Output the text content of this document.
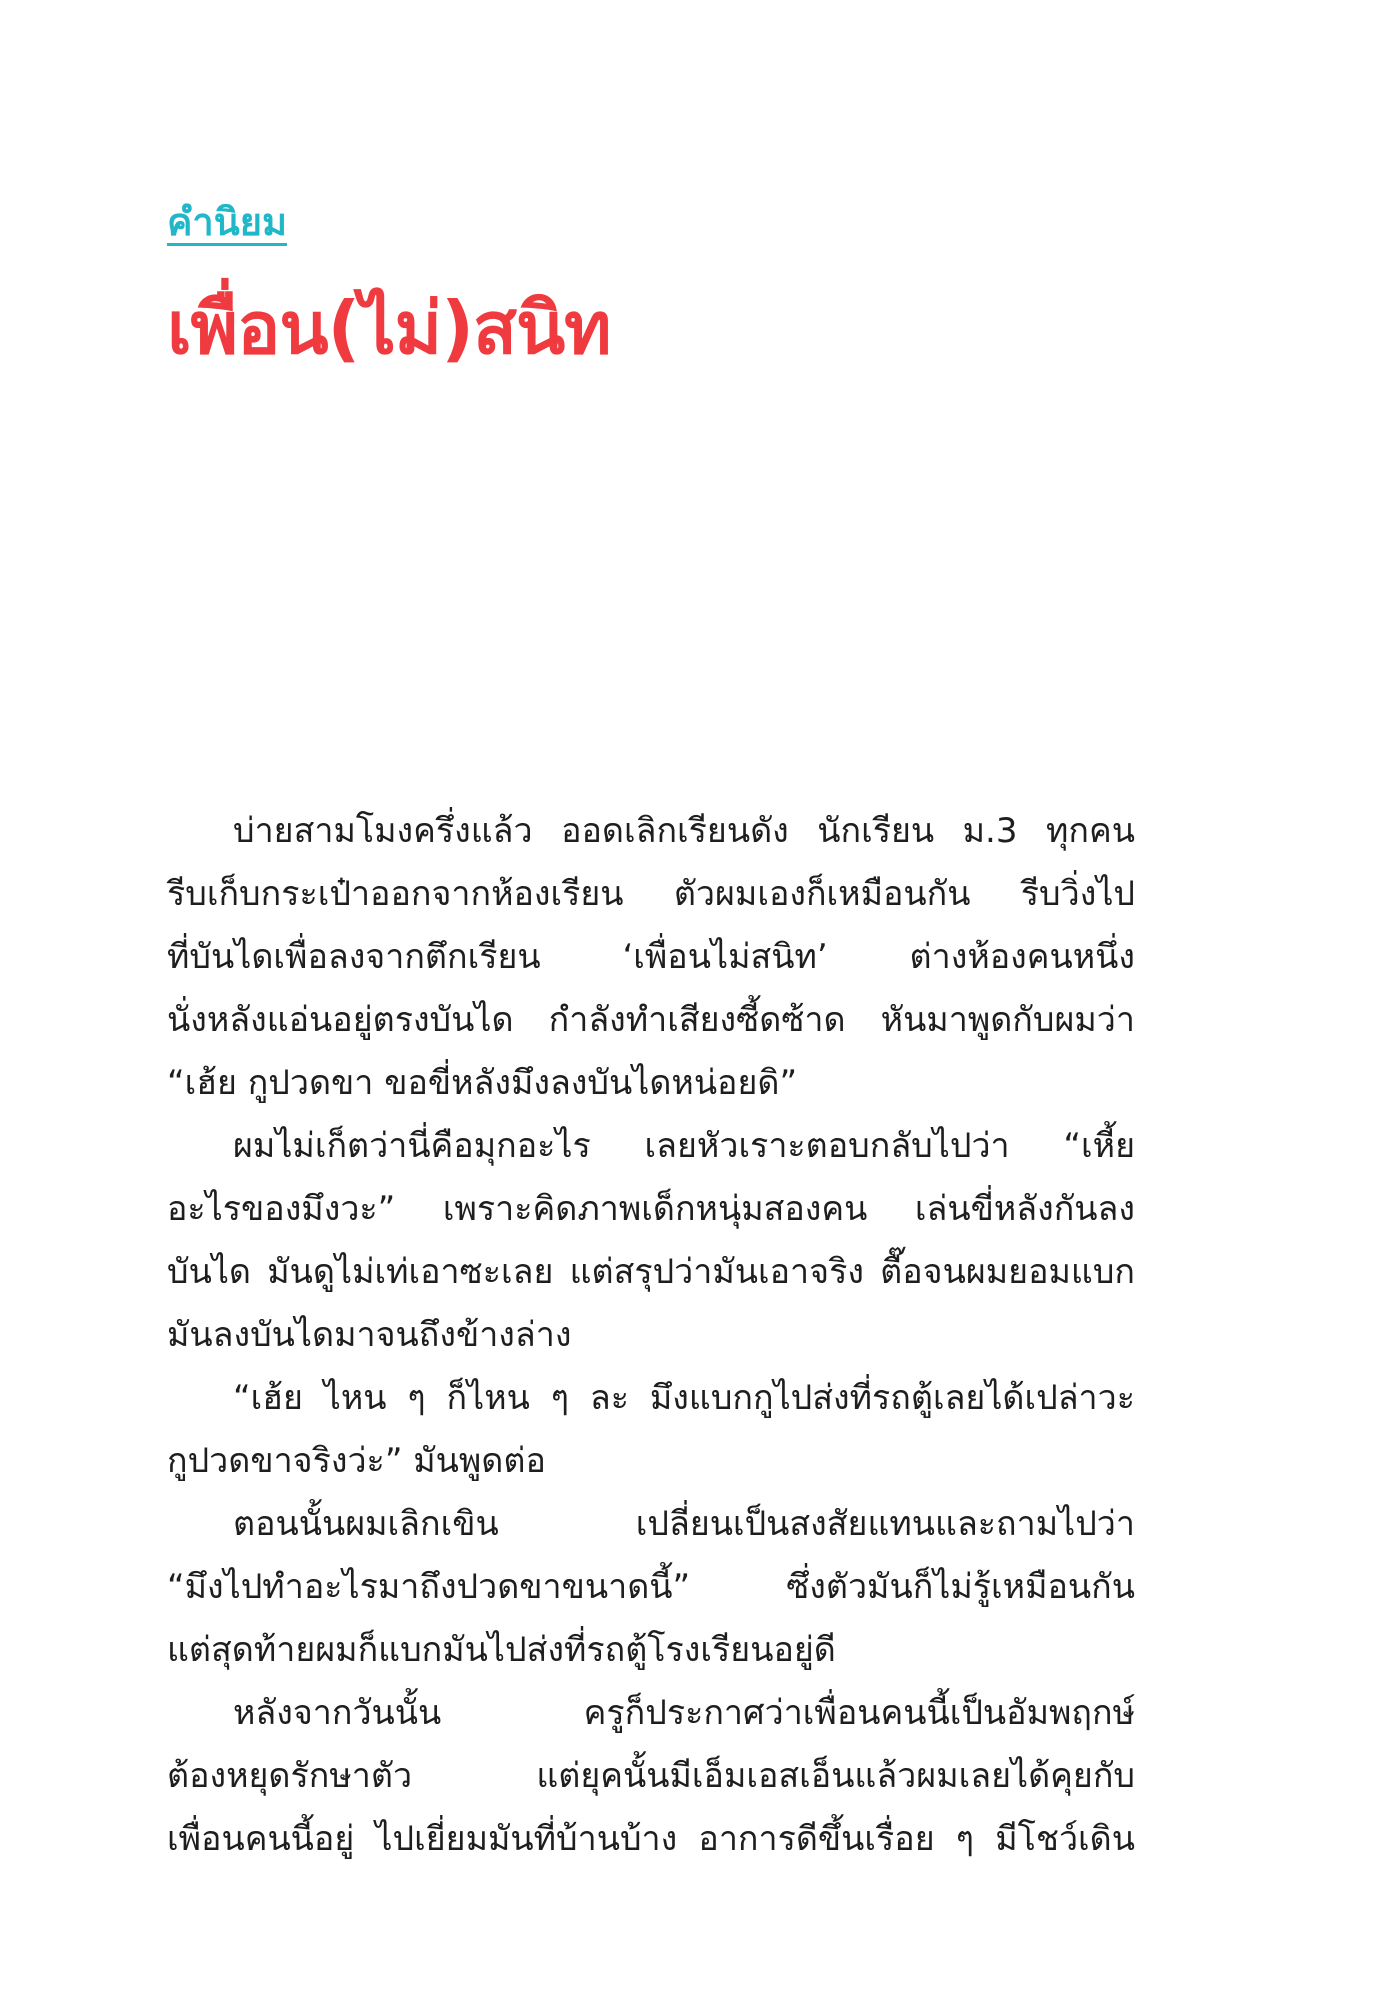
คำนิยม
เพื่อน(ไม่)สนิท
บ่ายสามโมงครึ่งแล้ว ออดเลิกเรียนดัง นักเรียน ม.3 ทุกคน
รีบเก็บกระเป๋าออกจากห้องเรียน ตัวผมเองก็เหมือนกัน รีบวิ่งไป
ที่บันไดเพื่อลงจากตึกเรียน ‘เพื่อนไม่สนิท’ ต่างห้องคนหนึ่ง
นั่งหลังแอ่นอยู่ตรงบันได กำลังทำเสียงซี้ดซ้าด หันมาพูดกับผมว่า
“เฮ้ย กูปวดขา ขอขี่หลังมึงลงบันไดหน่อยดิ”
ผมไม่เก็ตว่านี่คือมุกอะไร เลยหัวเราะตอบกลับไปว่า “เหี้ย
อะไรของมึงวะ” เพราะคิดภาพเด็กหนุ่มสองคน เล่นขี่หลังกันลง
บันได มันดูไม่เท่เอาซะเลย แต่สรุปว่ามันเอาจริง ตื๊อจนผมยอมแบก
มันลงบันไดมาจนถึงข้างล่าง
“เฮ้ย ไหน ๆ ก็ไหน ๆ ละ มึงแบกกูไปส่งที่รถตู้เลยได้เปล่าวะ
กูปวดขาจริงว่ะ” มันพูดต่อ
ตอนนั้นผมเลิกเขิน เปลี่ยนเป็นสงสัยแทนและถามไปว่า
“มึงไปทำอะไรมาถึงปวดขาขนาดนี้” ซึ่งตัวมันก็ไม่รู้เหมือนกัน
แต่สุดท้ายผมก็แบกมันไปส่งที่รถตู้โรงเรียนอยู่ดี
หลังจากวันนั้น ครูก็ประกาศว่าเพื่อนคนนี้เป็นอัมพฤกษ์
ต้องหยุดรักษาตัว แต่ยุคนั้นมีเอ็มเอสเอ็นแล้วผมเลยได้คุยกับ
เพื่อนคนนี้อยู่ ไปเยี่ยมมันที่บ้านบ้าง อาการดีขึ้นเรื่อย ๆ มีโชว์เดิน
